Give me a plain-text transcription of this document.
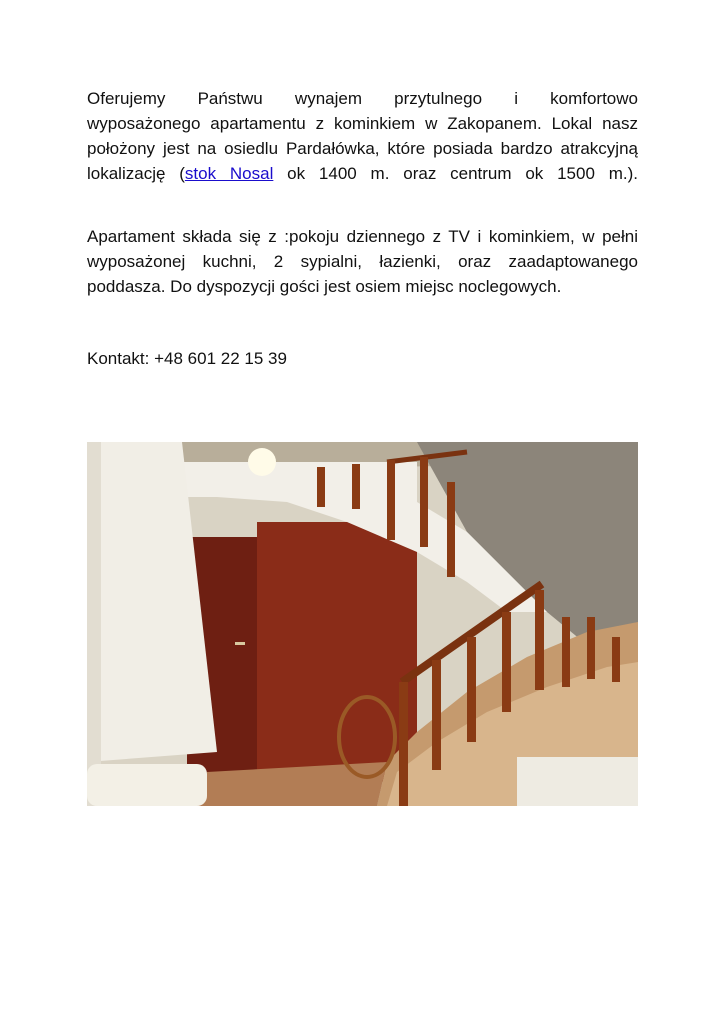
Oferujemy Państwu wynajem przytulnego i komfortowo
wyposażonego apartamentu z kominkiem w Zakopanem. Lokal nasz
położony jest na osiedlu Pardałówka, które posiada bardzo atrakcyjną
lokalizację (stok Nosal ok 1400 m. oraz centrum ok 1500 m.).
Apartament składa się z :pokoju dziennego z TV i kominkiem, w pełni
wyposażonej kuchni, 2 sypialni, łazienki, oraz zaadaptowanego
poddasza. Do dyspozycji gości jest osiem miejsc noclegowych.
Kontakt: +48 601 22 15 39
